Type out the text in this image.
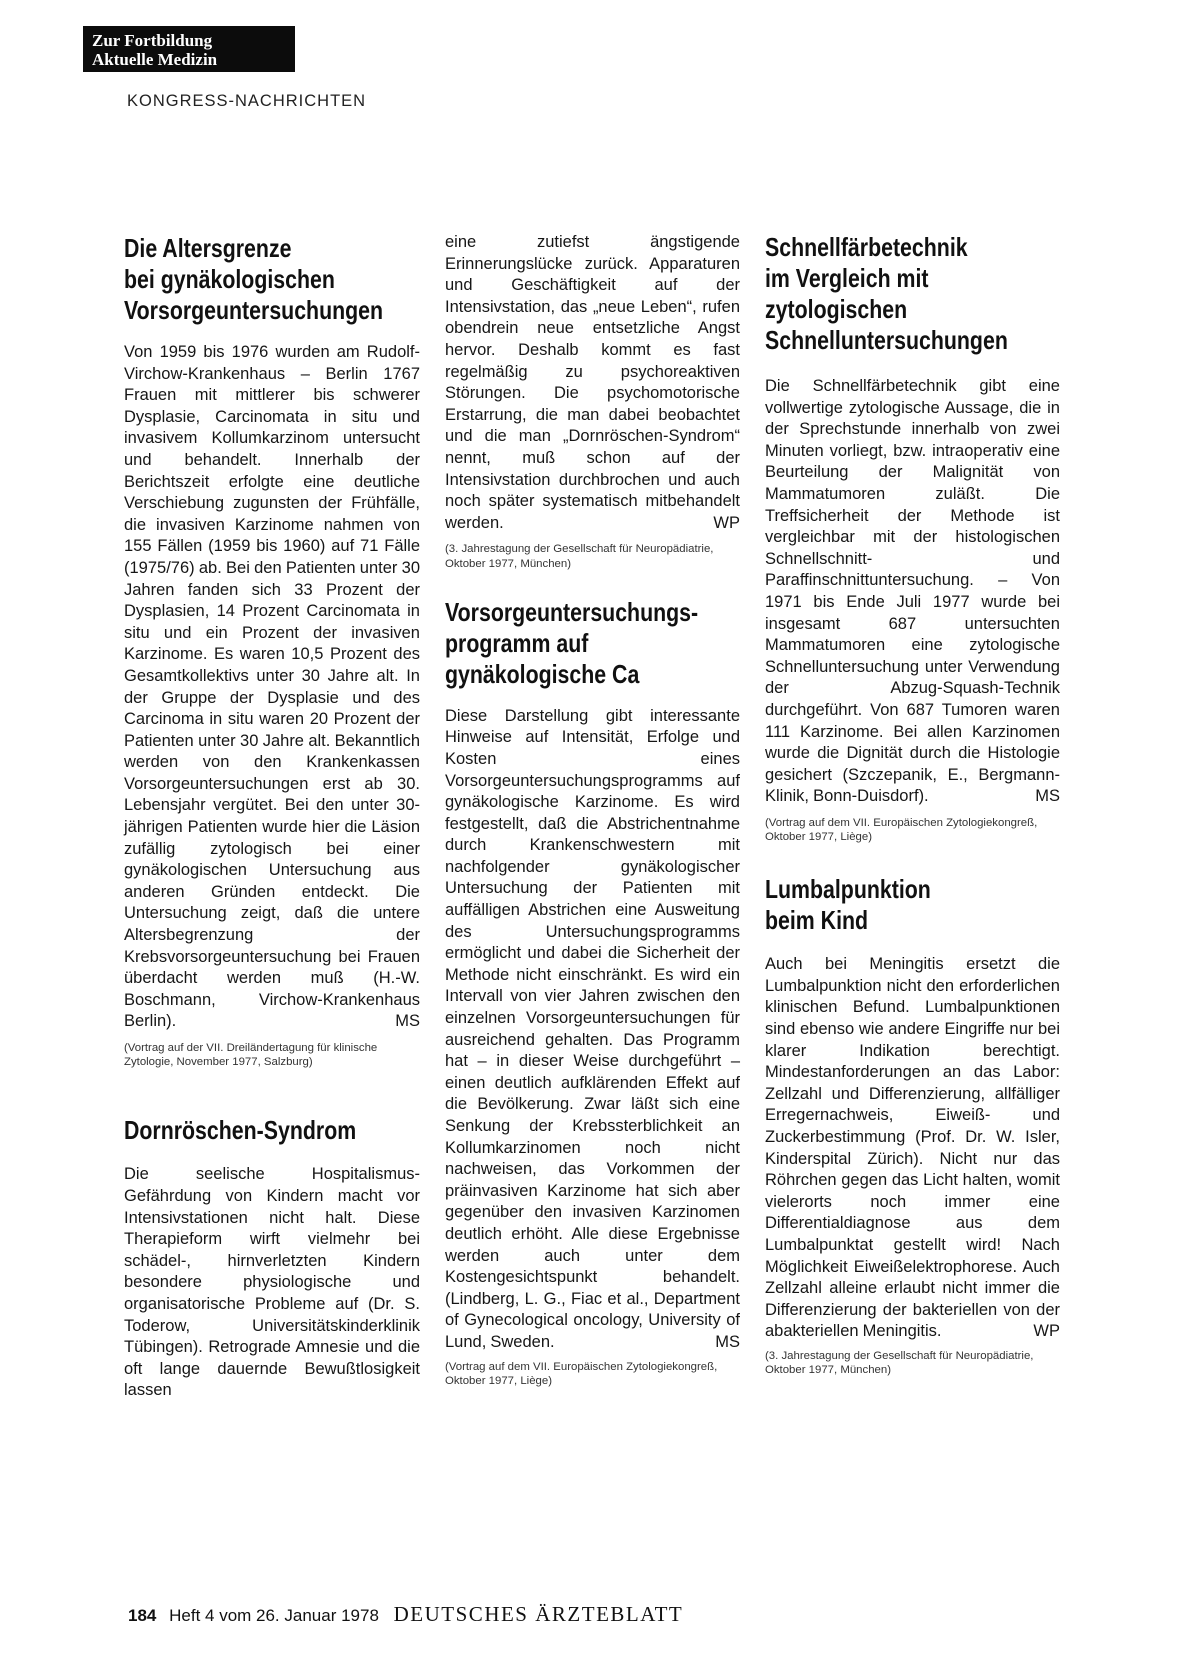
Zur Fortbildung
Aktuelle Medizin
KONGRESS-NACHRICHTEN
Die Altersgrenze
bei gynäkologischen
Vorsorgeuntersuchungen

Von 1959 bis 1976 wurden am Rudolf-Virchow-Krankenhaus – Berlin 1767 Frauen mit mittlerer bis schwerer Dysplasie, Carcinomata in situ und invasivem Kollumkarzinom untersucht und behandelt. Innerhalb der Berichtszeit erfolgte eine deutliche Verschiebung zugunsten der Frühfälle, die invasiven Karzinome nahmen von 155 Fällen (1959 bis 1960) auf 71 Fälle (1975/76) ab. Bei den Patienten unter 30 Jahren fanden sich 33 Prozent der Dysplasien, 14 Prozent Carcinomata in situ und ein Prozent der invasiven Karzinome. Es waren 10,5 Prozent des Gesamtkollektivs unter 30 Jahre alt. In der Gruppe der Dysplasie und des Carcinoma in situ waren 20 Prozent der Patienten unter 30 Jahre alt. Bekanntlich werden von den Krankenkassen Vorsorgeuntersuchungen erst ab 30. Lebensjahr vergütet. Bei den unter 30-jährigen Patienten wurde hier die Läsion zufällig zytologisch bei einer gynäkologischen Untersuchung aus anderen Gründen entdeckt. Die Untersuchung zeigt, daß die untere Altersbegrenzung der Krebsvorsorgeuntersuchung bei Frauen überdacht werden muß (H.-W. Boschmann, Virchow-Krankenhaus Berlin).	MS

(Vortrag auf der VII. Dreiländertagung für klinische Zytologie, November 1977, Salzburg)

Dornröschen-Syndrom

Die seelische Hospitalismus-Gefährdung von Kindern macht vor Intensivstationen nicht halt. Diese Therapieform wirft vielmehr bei schädel-, hirnverletzten Kindern besondere physiologische und organisatorische Probleme auf (Dr. S. Toderow, Universitätskinderklinik Tübingen). Retrograde Amnesie und die oft lange dauernde Bewußtlosigkeit lassen

eine zutiefst ängstigende Erinnerungslücke zurück. Apparaturen und Geschäftigkeit auf der Intensivstation, das „neue Leben“, rufen obendrein neue entsetzliche Angst hervor. Deshalb kommt es fast regelmäßig zu psychoreaktiven Störungen. Die psychomotorische Erstarrung, die man dabei beobachtet und die man „Dornröschen-Syndrom“ nennt, muß schon auf der Intensivstation durchbrochen und auch noch später systematisch mitbehandelt werden.	WP

(3. Jahrestagung der Gesellschaft für Neuropädiatrie, Oktober 1977, München)

Vorsorgeuntersuchungs-
programm auf
gynäkologische Ca

Diese Darstellung gibt interessante Hinweise auf Intensität, Erfolge und Kosten eines Vorsorgeuntersuchungsprogramms auf gynäkologische Karzinome. Es wird festgestellt, daß die Abstrichentnahme durch Krankenschwestern mit nachfolgender gynäkologischer Untersuchung der Patienten mit auffälligen Abstrichen eine Ausweitung des Untersuchungsprogramms ermöglicht und dabei die Sicherheit der Methode nicht einschränkt. Es wird ein Intervall von vier Jahren zwischen den einzelnen Vorsorgeuntersuchungen für ausreichend gehalten. Das Programm hat – in dieser Weise durchgeführt – einen deutlich aufklärenden Effekt auf die Bevölkerung. Zwar läßt sich eine Senkung der Krebssterblichkeit an Kollumkarzinomen noch nicht nachweisen, das Vorkommen der präinvasiven Karzinome hat sich aber gegenüber den invasiven Karzinomen deutlich erhöht. Alle diese Ergebnisse werden auch unter dem Kostengesichtspunkt behandelt. (Lindberg, L. G., Fiac et al., Department of Gynecological oncology, University of Lund, Sweden.	MS

(Vortrag auf dem VII. Europäischen Zytologiekongreß, Oktober 1977, Liège)

Schnellfärbetechnik
im Vergleich mit
zytologischen
Schnelluntersuchungen

Die Schnellfärbetechnik gibt eine vollwertige zytologische Aussage, die in der Sprechstunde innerhalb von zwei Minuten vorliegt, bzw. intraoperativ eine Beurteilung der Malignität von Mammatumoren zuläßt. Die Treffsicherheit der Methode ist vergleichbar mit der histologischen Schnellschnitt- und Paraffinschnittuntersuchung. – Von 1971 bis Ende Juli 1977 wurde bei insgesamt 687 untersuchten Mammatumoren eine zytologische Schnelluntersuchung unter Verwendung der Abzug-Squash-Technik durchgeführt. Von 687 Tumoren waren 111 Karzinome. Bei allen Karzinomen wurde die Dignität durch die Histologie gesichert (Szczepanik, E., Bergmann-Klinik, Bonn-Duisdorf).	MS

(Vortrag auf dem VII. Europäischen Zytologiekongreß, Oktober 1977, Liège)

Lumbalpunktion
beim Kind

Auch bei Meningitis ersetzt die Lumbalpunktion nicht den erforderlichen klinischen Befund. Lumbalpunktionen sind ebenso wie andere Eingriffe nur bei klarer Indikation berechtigt. Mindestanforderungen an das Labor: Zellzahl und Differenzierung, allfälliger Erregernachweis, Eiweiß- und Zuckerbestimmung (Prof. Dr. W. Isler, Kinderspital Zürich). Nicht nur das Röhrchen gegen das Licht halten, womit vielerorts noch immer eine Differentialdiagnose aus dem Lumbalpunktat gestellt wird! Nach Möglichkeit Eiweißelektrophorese. Auch Zellzahl alleine erlaubt nicht immer die Differenzierung der bakteriellen von der abakteriellen Meningitis.	WP

(3. Jahrestagung der Gesellschaft für Neuropädiatrie, Oktober 1977, München)

184 Heft 4 vom 26. Januar 1978 DEUTSCHES ÄRZTEBLATT
